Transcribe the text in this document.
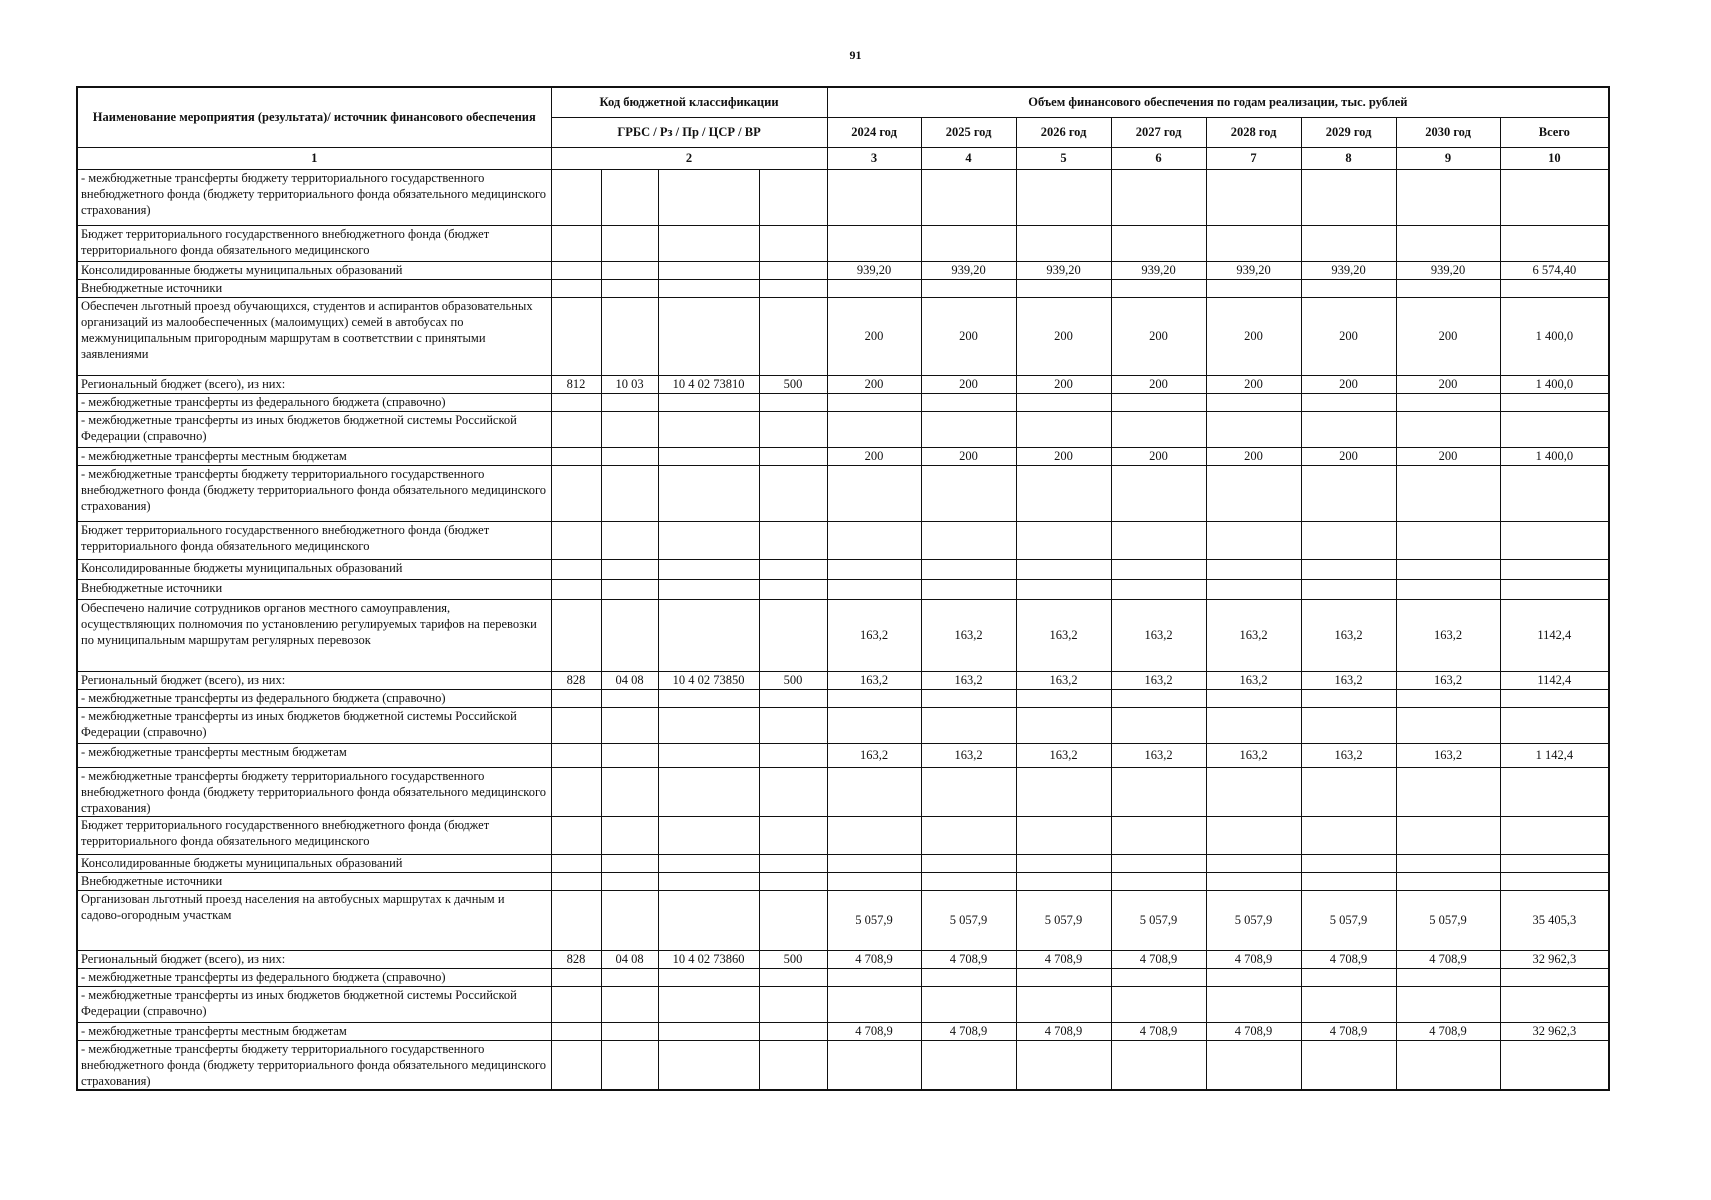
91
Наименование мероприятия (результата)/ источник финансового обеспечения	Код бюджетной классификации				Объем финансового обеспечения по годам реализации, тыс. рублей							
	ГРБС / Рз / Пр / ЦСР / ВР				2024 год	2025 год	2026 год	2027 год	2028 год	2029 год	2030 год	Всего
1	2				3	4	5	6	7	8	9	10
- межбюджетные трансферты бюджету территориального государственного внебюджетного фонда (бюджету территориального фонда обязательного медицинского страхования)												
Бюджет территориального государственного внебюджетного фонда (бюджет территориального фонда обязательного медицинского												
Консолидированные бюджеты муниципальных образований					939,20	939,20	939,20	939,20	939,20	939,20	939,20	6 574,40
Внебюджетные источники												
Обеспечен льготный проезд обучающихся, студентов и аспирантов образовательных организаций из малообеспеченных (малоимущих) семей в автобусах по межмуниципальным пригородным маршрутам в соответствии с принятыми заявлениями					200	200	200	200	200	200	200	1 400,0
Региональный бюджет (всего), из них:	812	10 03	10 4 02 73810	500	200	200	200	200	200	200	200	1 400,0
- межбюджетные трансферты из федерального бюджета (справочно)												
- межбюджетные трансферты из иных бюджетов бюджетной системы Российской Федерации (справочно)												
- межбюджетные трансферты местным бюджетам					200	200	200	200	200	200	200	1 400,0
- межбюджетные трансферты бюджету территориального государственного внебюджетного фонда (бюджету территориального фонда обязательного медицинского страхования)												
Бюджет территориального государственного внебюджетного фонда (бюджет территориального фонда обязательного медицинского												
Консолидированные бюджеты муниципальных образований												
Внебюджетные источники												
Обеспечено наличие сотрудников органов местного самоуправления, осуществляющих полномочия по установлению регулируемых тарифов на перевозки по муниципальным маршрутам регулярных перевозок					163,2	163,2	163,2	163,2	163,2	163,2	163,2	1142,4
Региональный бюджет (всего), из них:	828	04 08	10 4 02 73850	500	163,2	163,2	163,2	163,2	163,2	163,2	163,2	1142,4
- межбюджетные трансферты из федерального бюджета (справочно)												
- межбюджетные трансферты из иных бюджетов бюджетной системы Российской Федерации (справочно)												
- межбюджетные трансферты местным бюджетам					163,2	163,2	163,2	163,2	163,2	163,2	163,2	1 142,4
- межбюджетные трансферты бюджету территориального государственного внебюджетного фонда (бюджету территориального фонда обязательного медицинского страхования)												
Бюджет территориального государственного внебюджетного фонда (бюджет территориального фонда обязательного медицинского												
Консолидированные бюджеты муниципальных образований												
Внебюджетные источники												
Организован льготный проезд населения на автобусных маршрутах к дачным и садово-огородным участкам					5 057,9	5 057,9	5 057,9	5 057,9	5 057,9	5 057,9	5 057,9	35 405,3
Региональный бюджет (всего), из них:	828	04 08	10 4 02 73860	500	4 708,9	4 708,9	4 708,9	4 708,9	4 708,9	4 708,9	4 708,9	32 962,3
- межбюджетные трансферты из федерального бюджета (справочно)												
- межбюджетные трансферты из иных бюджетов бюджетной системы Российской Федерации (справочно)												
- межбюджетные трансферты местным бюджетам					4 708,9	4 708,9	4 708,9	4 708,9	4 708,9	4 708,9	4 708,9	32 962,3
- межбюджетные трансферты бюджету территориального государственного внебюджетного фонда (бюджету территориального фонда обязательного медицинского страхования)												
